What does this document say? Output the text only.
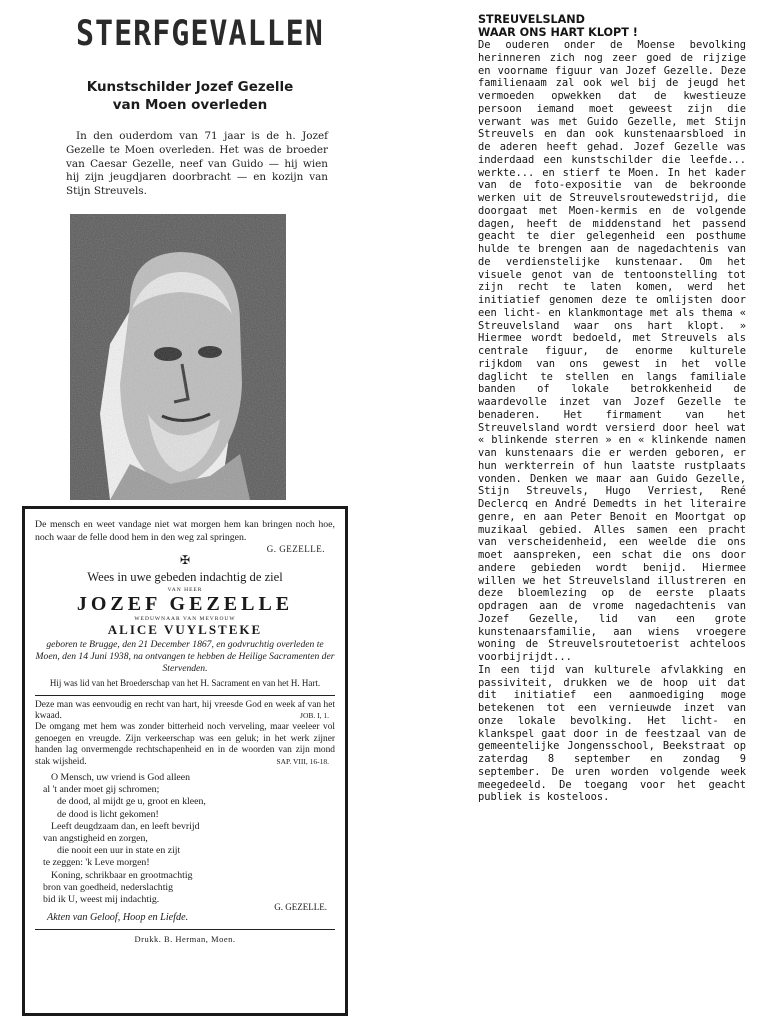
STERFGEVALLEN
Kunstschilder Jozef Gezelle
van Moen overleden

In den ouderdom van 71 jaar is de h. Jozef Gezelle te Moen overleden. Het was de broeder van Caesar Gezelle, neef van Guido — hij wien hij zijn jeugdjaren doorbracht — en kozijn van Stijn Streuvels.

De mensch en weet vandage niet wat morgen hem kan bringen noch hoe, noch waar de felle dood hem in den weg zal springen.

G. GEZELLE.

✠

Wees in uwe gebeden indachtig de ziel

VAN HEER

JOZEF GEZELLE

WEDUWNAAR VAN MEVROUW

ALICE VUYLSTEKE

geboren te Brugge, den 21 December 1867, en godvruchtig overleden te Moen, den 14 Juni 1938, na ontvangen te hebben de Heilige Sacramenten der Stervenden.

Hij was lid van het Broederschap van het H. Sacrament en van het H. Hart.

Deze man was eenvoudig en recht van hart, hij vreesde God en week af van het kwaad.	JOB. I, 1.

De omgang met hem was zonder bitterheid noch verveling, maar veeleer vol genoegen en vreugde. Zijn verkeerschap was een geluk; in het werk zijner handen lag onvermengde rechtschapenheid en in de woorden van zijn mond stak wijsheid.	SAP. VIII, 16-18.

O Mensch, uw vriend is God alleen
al 't ander moet gij schromen;
de dood, al mijdt ge u, groot en kleen,
de dood is licht gekomen!
Leeft deugdzaam dan, en leeft bevrijd
van angstigheid en zorgen,
die nooit een uur in state en zijt
te zeggen: 'k Leve morgen!
Koning, schrikbaar en grootmachtig
bron van goedheid, nederslachtig
bid ik U, weest mij indachtig.

G. GEZELLE.

Akten van Geloof, Hoop en Liefde.

Drukk. B. Herman, Moen.

STREUVELSLAND

WAAR ONS HART KLOPT !

De ouderen onder de Moense bevolking herinneren zich nog zeer goed de rijzige en voorname figuur van Jozef Gezelle. Deze familienaam zal ook wel bij de jeugd het vermoeden opwekken dat de kwestieuze persoon iemand moet geweest zijn die verwant was met Guido Gezelle, met Stijn Streuvels en dan ook kunstenaarsbloed in de aderen heeft gehad. Jozef Gezelle was inderdaad een kunstschilder die leefde... werkte... en stierf te Moen. In het kader van de foto-expositie van de bekroonde werken uit de Streuvelsroutewedstrijd, die doorgaat met Moen-kermis en de volgende dagen, heeft de middenstand het passend geacht te dier gelegenheid een posthume hulde te brengen aan de nagedachtenis van de verdienstelijke kunstenaar. Om het visuele genot van de tentoonstelling tot zijn recht te laten komen, werd het initiatief genomen deze te omlijsten door een licht- en klankmontage met als thema « Streuvelsland waar ons hart klopt. » Hiermee wordt bedoeld, met Streuvels als centrale figuur, de enorme kulturele rijkdom van ons gewest in het volle daglicht te stellen en langs familiale banden of lokale betrokkenheid de waardevolle inzet van Jozef Gezelle te benaderen. Het firmament van het Streuvelsland wordt versierd door heel wat « blinkende sterren » en « klinkende namen van kunstenaars die er werden geboren, er hun werkterrein of hun laatste rustplaats vonden. Denken we maar aan Guido Gezelle, Stijn Streuvels, Hugo Verriest, René Declercq en André Demedts in het literaire genre, en aan Peter Benoit en Moortgat op muzikaal gebied. Alles samen een pracht van verscheidenheid, een weelde die ons moet aanspreken, een schat die ons door andere gebieden wordt benijd. Hiermee willen we het Streuvelsland illustreren en deze bloemlezing op de eerste plaats opdragen aan de vrome nagedachtenis van Jozef Gezelle, lid van een grote kunstenaarsfamilie, aan wiens vroegere woning de Streuvelsroutetoerist achteloos voorbijrijdt...

In een tijd van kulturele afvlakking en passiviteit, drukken we de hoop uit dat dit initiatief een aanmoediging moge betekenen tot een vernieuwde inzet van onze lokale bevolking. Het licht- en klankspel gaat door in de feestzaal van de gemeentelijke Jongensschool, Beekstraat op zaterdag 8 september en zondag 9 september. De uren worden volgende week meegedeeld. De toegang voor het geacht publiek is kosteloos.
